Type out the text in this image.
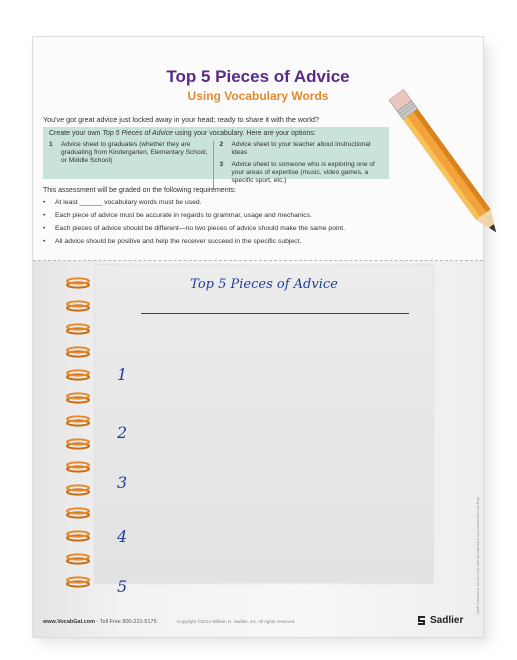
Top 5 Pieces of Advice
Using Vocabulary Words
You've got great advice just locked away in your head; ready to share it with the world?
Create your own Top 5 Pieces of Advice using your vocabulary. Here are your options:
1	Advice sheet to graduates (whether they are graduating from Kindergarten, Elementary School, or Middle School)
2	Advice sheet to your teacher about instructional ideas
3	Advice sheet to someone who is exploring one of your areas of expertise (music, video games, a specific sport, etc.)
This assessment will be graded on the following requirements:
•	At least ______ vocabulary words must be used.
•	Each piece of advice must be accurate in regards to grammar, usage and mechanics.
•	Each pieces of advice should be different—no two pieces of advice should make the same point.
•	All advice should be positive and help the receiver succeed in the specific subject.
Top 5 Pieces of Advice
1
2
3
4
5
www.VocabGal.com - Toll Free 800-221-5175	Copyright ©2014 William H. Sadlier, Inc. All rights reserved.	Sadlier
May be reproduced for educational use (but not for monetary gain)
